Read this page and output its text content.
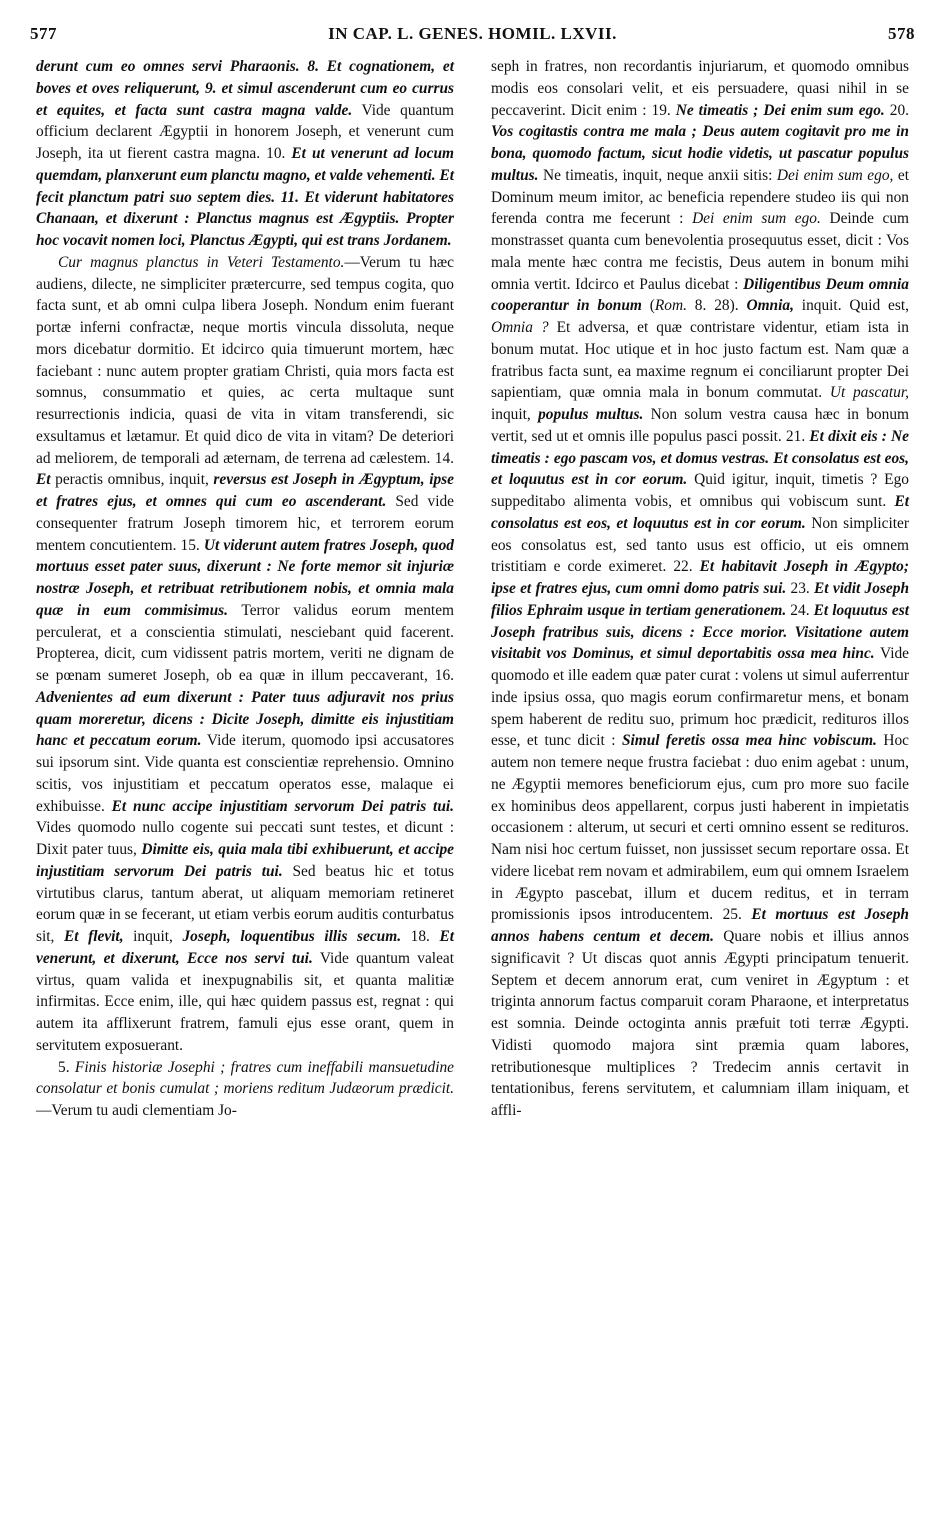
577	IN CAP. L. GENES. HOMIL. LXVII.	578

derunt cum eo omnes servi Pharaonis. 8. Et cognationem, et boves et oves reliquerunt, 9. et simul ascenderunt cum eo currus et equites, et facta sunt castra magna valde. Vide quantum officium declarent Ægyptii in honorem Joseph, et venerunt cum Joseph, ita ut fierent castra magna. 10. Et ut venerunt ad locum quemdam, planxerunt eum planctu magno, et valde vehementi. Et fecit planctum patri suo septem dies. 11. Et viderunt habitatores Chanaan, et dixerunt : Planctus magnus est Ægyptiis. Propter hoc vocavit nomen loci, Planctus Ægypti, qui est trans Jordanem.

Cur magnus planctus in Veteri Testamento.—Verum tu hæc audiens, dilecte, ne simpliciter prætercurre, sed tempus cogita, quo facta sunt, et ab omni culpa libera Joseph. Nondum enim fuerant portæ inferni confractæ, neque mortis vincula dissoluta, neque mors dicebatur dormitio. Et idcirco quia timuerunt mortem, hæc faciebant : nunc autem propter gratiam Christi, quia mors facta est somnus, consummatio et quies, ac certa multaque sunt resurrectionis indicia, quasi de vita in vitam transferendi, sic exsultamus et lætamur. Et quid dico de vita in vitam? De deteriori ad meliorem, de temporali ad æternam, de terrena ad cælestem. 14. Et peractis omnibus, inquit, reversus est Joseph in Ægyptum, ipse et fratres ejus, et omnes qui cum eo ascenderant. Sed vide consequenter fratrum Joseph timorem hic, et terrorem eorum mentem concutientem. 15. Ut viderunt autem fratres Joseph, quod mortuus esset pater suus, dixerunt : Ne forte memor sit injuriæ nostræ Joseph, et retribuat retributionem nobis, et omnia mala quæ in eum commisimus. Terror validus eorum mentem perculerat, et a conscientia stimulati, nesciebant quid facerent. Propterea, dicit, cum vidissent patris mortem, veriti ne dignam de se pœnam sumeret Joseph, ob ea quæ in illum peccaverant, 16. Advenientes ad eum dixerunt : Pater tuus adjuravit nos prius quam moreretur, dicens : Dicite Joseph, dimitte eis injustitiam hanc et peccatum eorum. Vide iterum, quomodo ipsi accusatores sui ipsorum sint. Vide quanta est conscientiæ reprehensio. Omnino scitis, vos injustitiam et peccatum operatos esse, malaque ei exhibuisse. Et nunc accipe injustitiam servorum Dei patris tui. Vides quomodo nullo cogente sui peccati sunt testes, et dicunt : Dixit pater tuus, Dimitte eis, quia mala tibi exhibuerunt, et accipe injustitiam servorum Dei patris tui. Sed beatus hic et totus virtutibus clarus, tantum aberat, ut aliquam memoriam retineret eorum quæ in se fecerant, ut etiam verbis eorum auditis conturbatus sit, Et flevit, inquit, Joseph, loquentibus illis secum. 18. Et venerunt, et dixerunt, Ecce nos servi tui. Vide quantum valeat virtus, quam valida et inexpugnabilis sit, et quanta malitiæ infirmitas. Ecce enim, ille, qui hæc quidem passus est, regnat : qui autem ita afflixerunt fratrem, famuli ejus esse orant, quem in servitutem exposuerant.

5. Finis historiæ Josephi ; fratres cum ineffabili mansuetudine consolatur et bonis cumulat ; moriens reditum Judæorum prædicit.—Verum tu audi clementiam Jo-

seph in fratres, non recordantis injuriarum, et quomodo omnibus modis eos consolari velit, et eis persuadere, quasi nihil in se peccaverint. Dicit enim : 19. Ne timeatis ; Dei enim sum ego. 20. Vos cogitastis contra me mala ; Deus autem cogitavit pro me in bona, quomodo factum, sicut hodie videtis, ut pascatur populus multus. Ne timeatis, inquit, neque anxii sitis: Dei enim sum ego, et Dominum meum imitor, ac beneficia rependere studeo iis qui non ferenda contra me fecerunt : Dei enim sum ego. Deinde cum monstrasset quanta cum benevolentia prosequutus esset, dicit : Vos mala mente hæc contra me fecistis, Deus autem in bonum mihi omnia vertit. Idcirco et Paulus dicebat : Diligentibus Deum omnia cooperantur in bonum (Rom. 8. 28). Omnia, inquit. Quid est, Omnia ? Et adversa, et quæ contristare videntur, etiam ista in bonum mutat. Hoc utique et in hoc justo factum est. Nam quæ a fratribus facta sunt, ea maxime regnum ei conciliarunt propter Dei sapientiam, quæ omnia mala in bonum commutat. Ut pascatur, inquit, populus multus. Non solum vestra causa hæc in bonum vertit, sed ut et omnis ille populus pasci possit. 21. Et dixit eis : Ne timeatis : ego pascam vos, et domus vestras. Et consolatus est eos, et loquutus est in cor eorum. Quid igitur, inquit, timetis ? Ego suppeditabo alimenta vobis, et omnibus qui vobiscum sunt. Et consolatus est eos, et loquutus est in cor eorum. Non simpliciter eos consolatus est, sed tanto usus est officio, ut eis omnem tristitiam e corde eximeret. 22. Et habitavit Joseph in Ægypto; ipse et fratres ejus, cum omni domo patris sui. 23. Et vidit Joseph filios Ephraim usque in tertiam generationem. 24. Et loquutus est Joseph fratribus suis, dicens : Ecce morior. Visitatione autem visitabit vos Dominus, et simul deportabitis ossa mea hinc. Vide quomodo et ille eadem quæ pater curat : volens ut simul auferrentur inde ipsius ossa, quo magis eorum confirmaretur mens, et bonam spem haberent de reditu suo, primum hoc prædicit, redituros illos esse, et tunc dicit : Simul feretis ossa mea hinc vobiscum. Hoc autem non temere neque frustra faciebat : duo enim agebat : unum, ne Ægyptii memores beneficiorum ejus, cum pro more suo facile ex hominibus deos appellarent, corpus justi haberent in impietatis occasionem : alterum, ut securi et certi omnino essent se redituros. Nam nisi hoc certum fuisset, non jussisset secum reportare ossa. Et videre licebat rem novam et admirabilem, eum qui omnem Israelem in Ægypto pascebat, illum et ducem reditus, et in terram promissionis ipsos introducentem. 25. Et mortuus est Joseph annos habens centum et decem. Quare nobis et illius annos significavit ? Ut discas quot annis Ægypti principatum tenuerit. Septem et decem annorum erat, cum veniret in Ægyptum : et triginta annorum factus comparuit coram Pharaone, et interpretatus est somnia. Deinde octoginta annis præfuit toti terræ Ægypti. Vidisti quomodo majora sint præmia quam labores, retributionesque multiplices ? Tredecim annis certavit in tentationibus, ferens servitutem, et calumniam illam iniquam, et affli-
